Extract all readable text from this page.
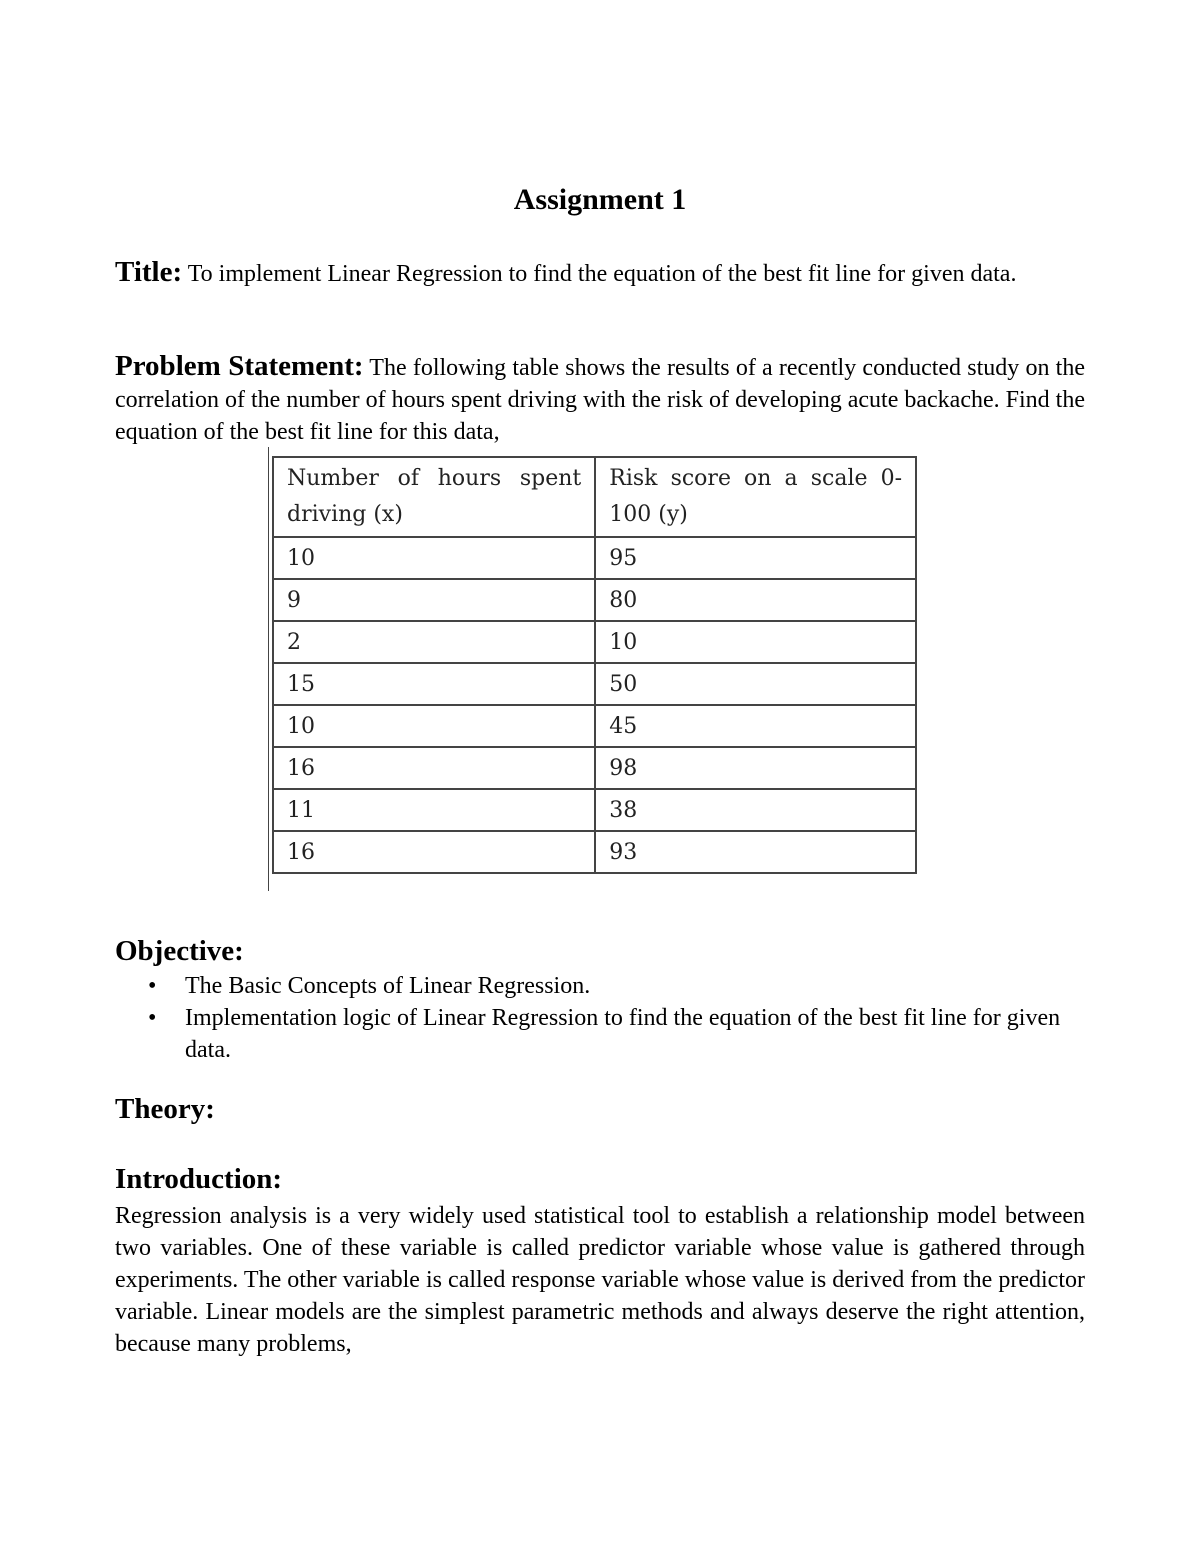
Assignment 1
Title: To implement Linear Regression to find the equation of the best fit line for given data.
Problem Statement: The following table shows the results of a recently conducted study on the correlation of the number of hours spent driving with the risk of developing acute backache. Find the equation of the best fit line for this data,
Number of hours spent driving (x)	Risk score on a scale 0-100 (y)

10	95
9	80
2	10
15	50
10	45
16	98
11	38
16	93
Objective:
• The Basic Concepts of Linear Regression.
• Implementation logic of Linear Regression to find the equation of the best fit line for given data.
Theory:
Introduction:
Regression analysis is a very widely used statistical tool to establish a relationship model between two variables. One of these variable is called predictor variable whose value is gathered through experiments. The other variable is called response variable whose value is derived from the predictor variable. Linear models are the simplest parametric methods and always deserve the right attention, because many problems,
